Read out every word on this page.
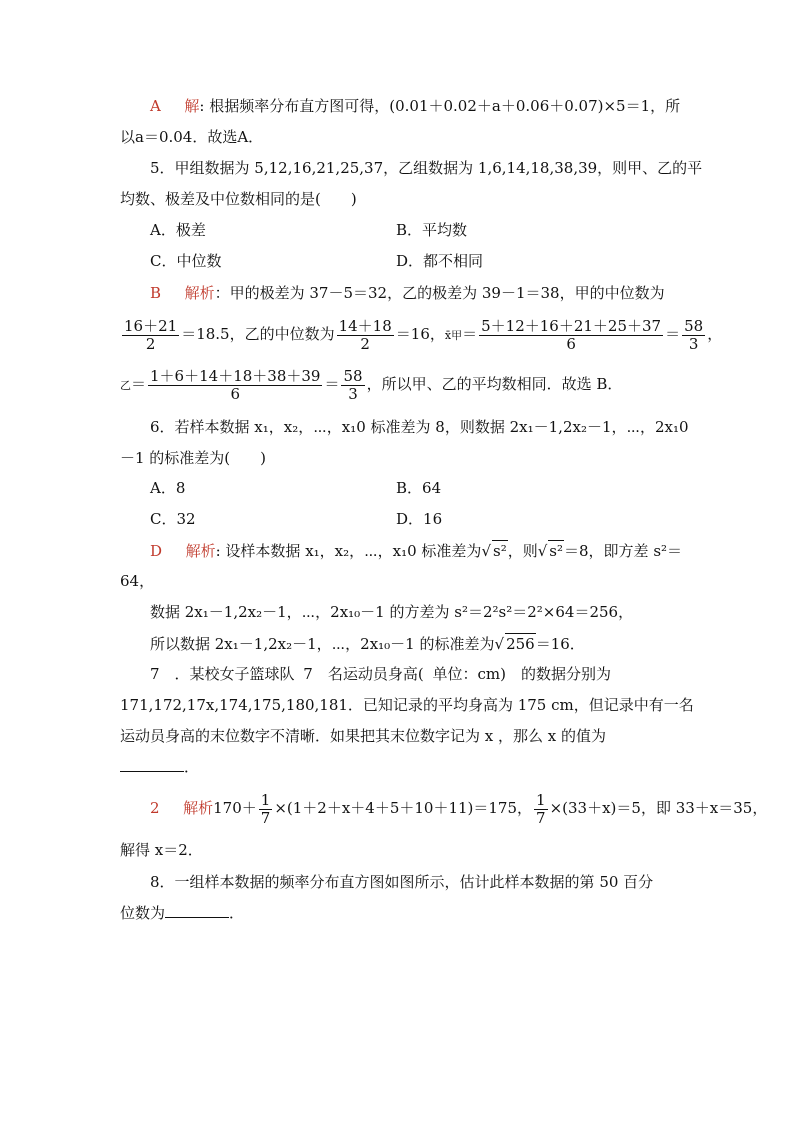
A 解: 根据频率分布直方图可得，(0.01＋0.02＋a＋0.06＋0.07)×5＝1，所
以a＝0.04．故选A．
5．甲组数据为 5,12,16,21,25,37，乙组数据为 1,6,14,18,38,39，则甲、乙的平
均数、极差及中位数相同的是(　　)
A．极差	B．平均数
C．中位数	D．都不相同
B 解析：甲的极差为 37－5＝32，乙的极差为 39－1＝38，甲的中位数为
$\frac{16+21}{2} =18.5$，乙的中位数为 $\frac{14+18}{2} =16$，x̄甲＝ $\frac{5+12+16+21+25+37}{6} = \frac{58}{3}$ ，
乙＝ $\frac{1+6+14+18+38+39}{6} = \frac{58}{3}$ ，所以甲、乙的平均数相同．故选 B．
6．若样本数据 x₁，x₂，⋯，x₁0 标准差为 8，则数据 2x₁－1,2x₂－1，⋯，2x₁0
－1 的标准差为(　　)
A．8	B．64
C．32	D．16
D 解析: 设样本数据 x₁，x₂，⋯，x₁0 标准差为√ s²，则√ s²＝8，即方差 s²＝
64，
数据 2x₁－1,2x₂－1，⋯，2x₁₀－1 的方差为 s²＝2²s²＝2²×64＝256，
所以数据 2x₁－1,2x₂－1，⋯，2x₁₀－1 的标准差为√ 256＝16．
7　．某校女子篮球队 7　名运动员身高( 单位：cm)　的数据分别为
171,172,17x,174,175,180,181．已知记录的平均身高为 175 cm，但记录中有一名
运动员身高的末位数字不清晰．如果把其末位数字记为 x ，那么 x 的值为
．
2 解析$170+ \frac{1}{7} \times(1+2+x+4+5+10+11)=175$， $\frac{1}{7} \times(33+x)=5$，即 33＋x＝35，
解得 x＝2．
8．一组样本数据的频率分布直方图如图所示，估计此样本数据的第 50 百分
位数为	．
